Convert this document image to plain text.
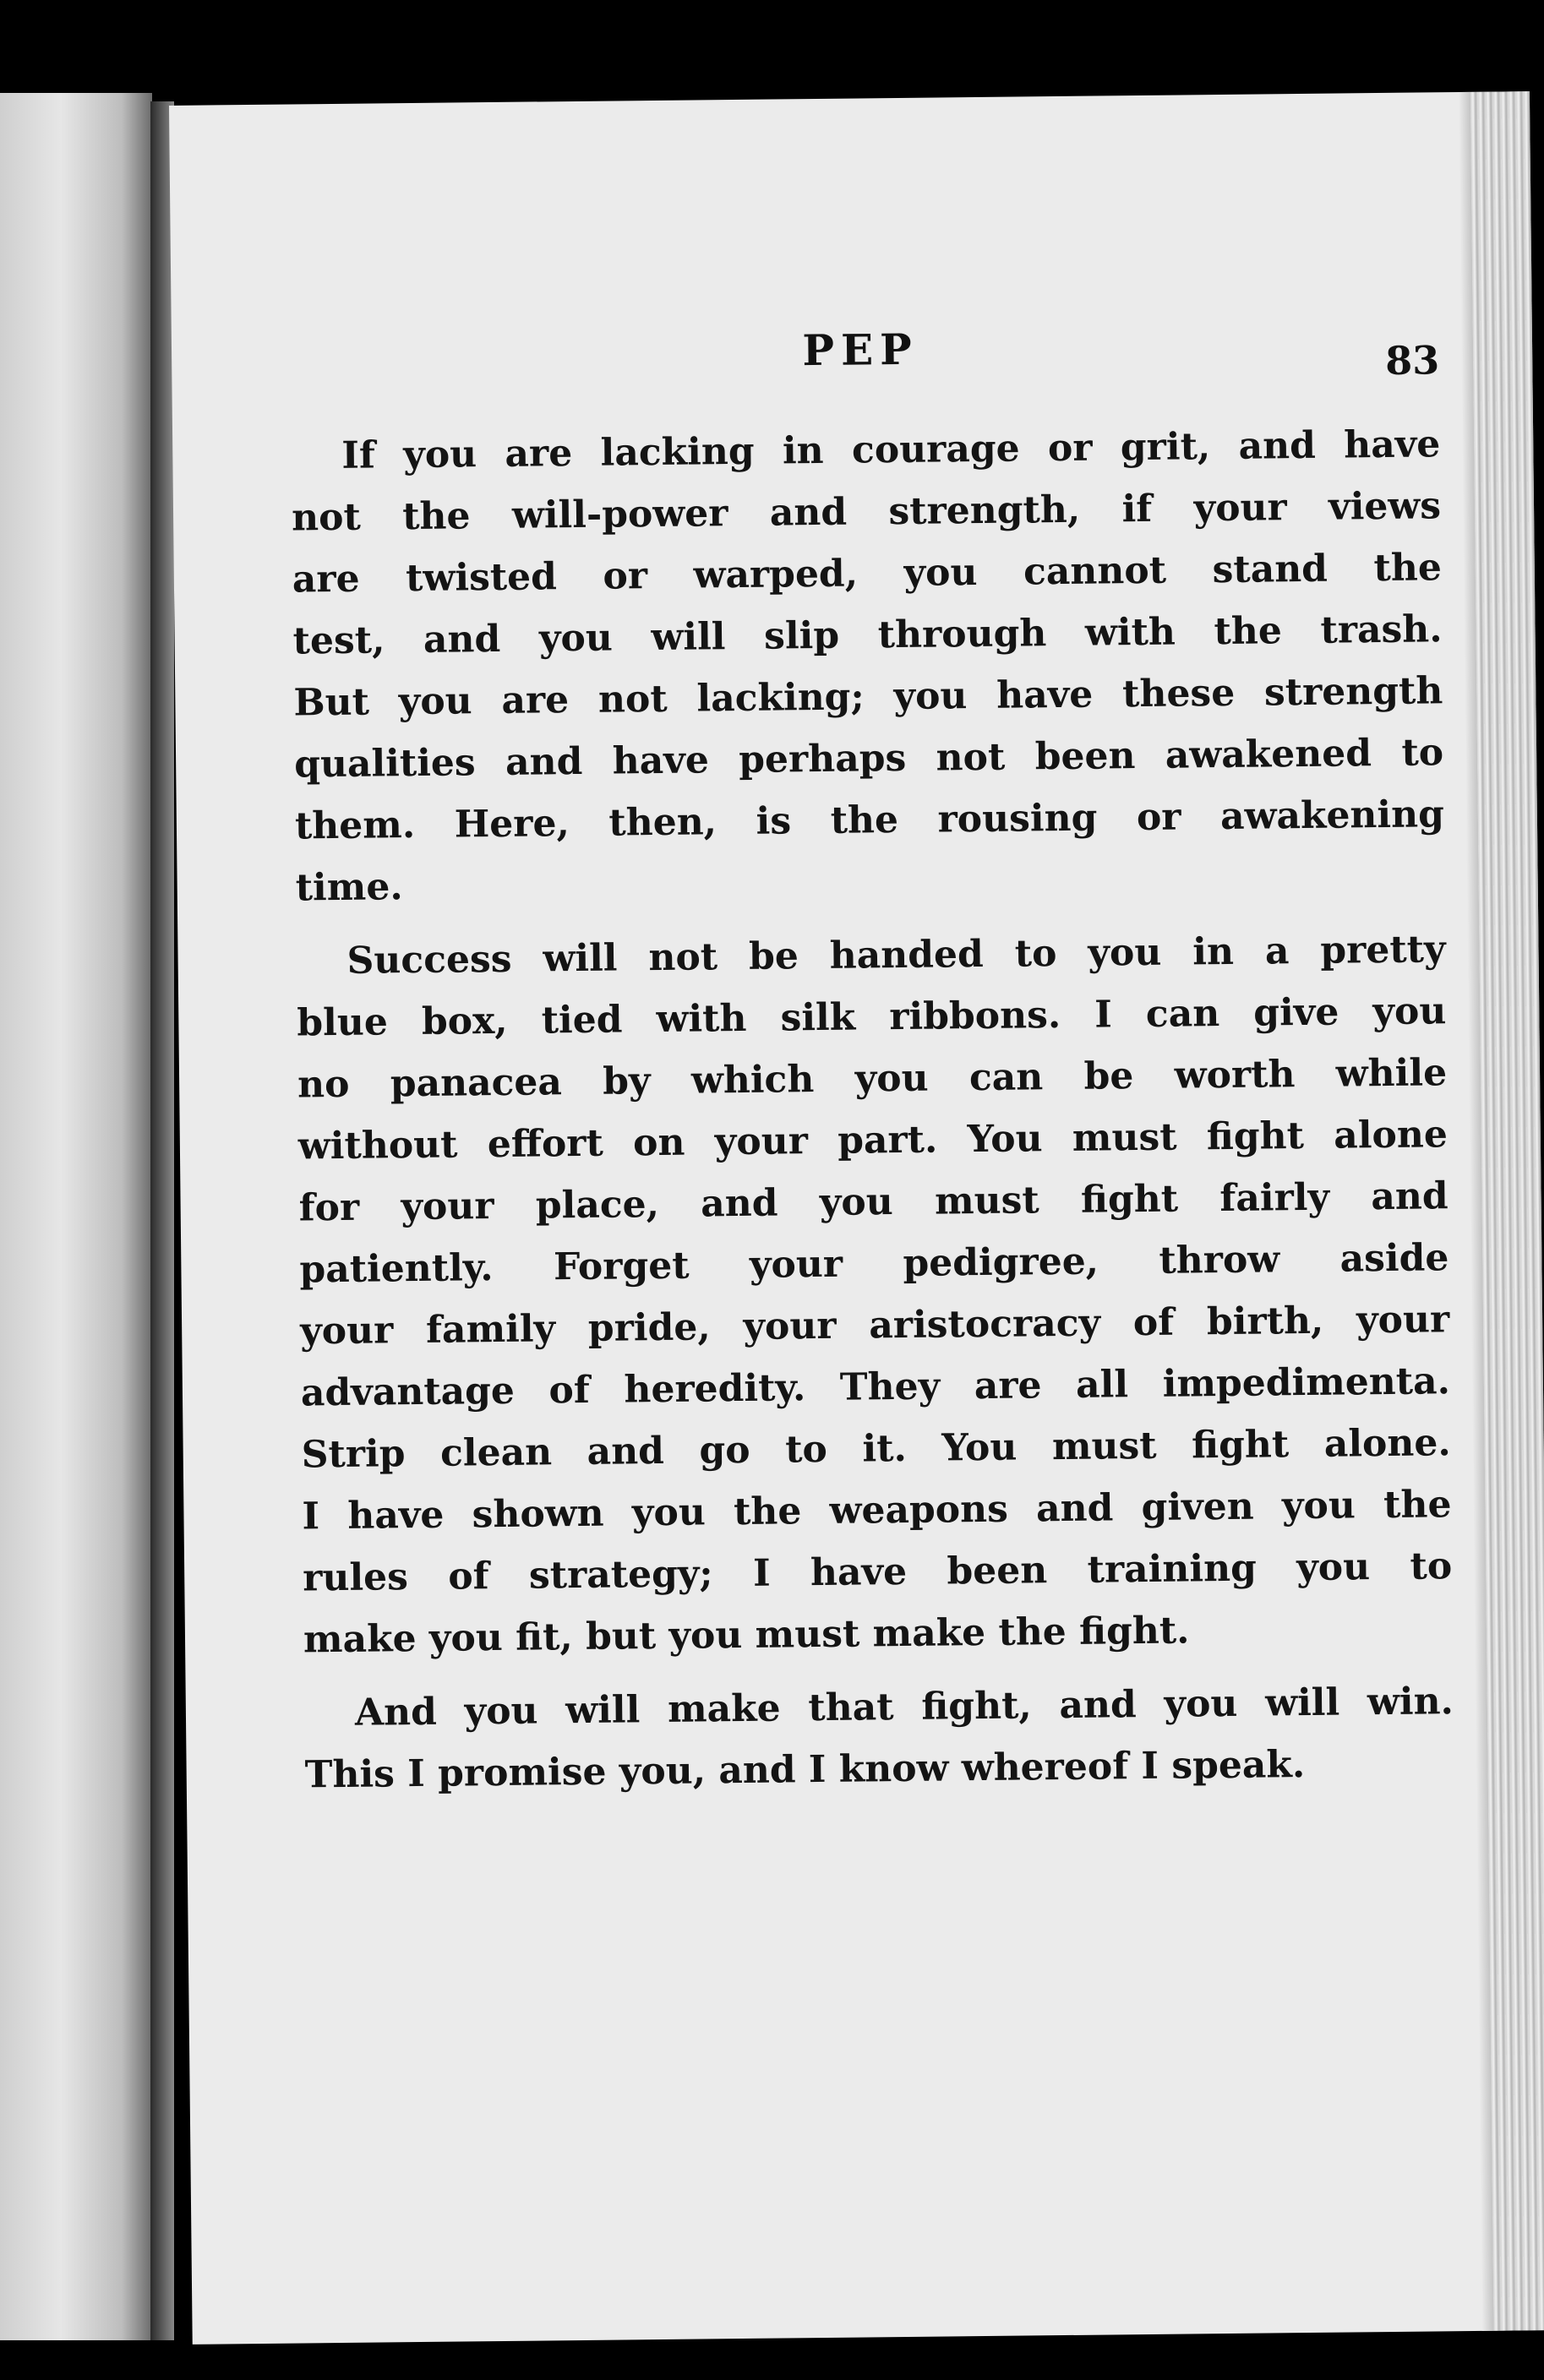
PEP	83
If you are lacking in courage or grit, and have
not the will-power and strength, if your views
are twisted or warped, you cannot stand the
test, and you will slip through with the trash.
But you are not lacking; you have these strength
qualities and have perhaps not been awakened to
them. Here, then, is the rousing or awakening
time.
Success will not be handed to you in a pretty
blue box, tied with silk ribbons. I can give you
no panacea by which you can be worth while
without effort on your part. You must fight alone
for your place, and you must fight fairly and
patiently. Forget your pedigree, throw aside
your family pride, your aristocracy of birth, your
advantage of heredity. They are all impedimenta.
Strip clean and go to it. You must fight alone.
I have shown you the weapons and given you the
rules of strategy; I have been training you to
make you fit, but you must make the fight.
And you will make that fight, and you will win.
This I promise you, and I know whereof I speak.
